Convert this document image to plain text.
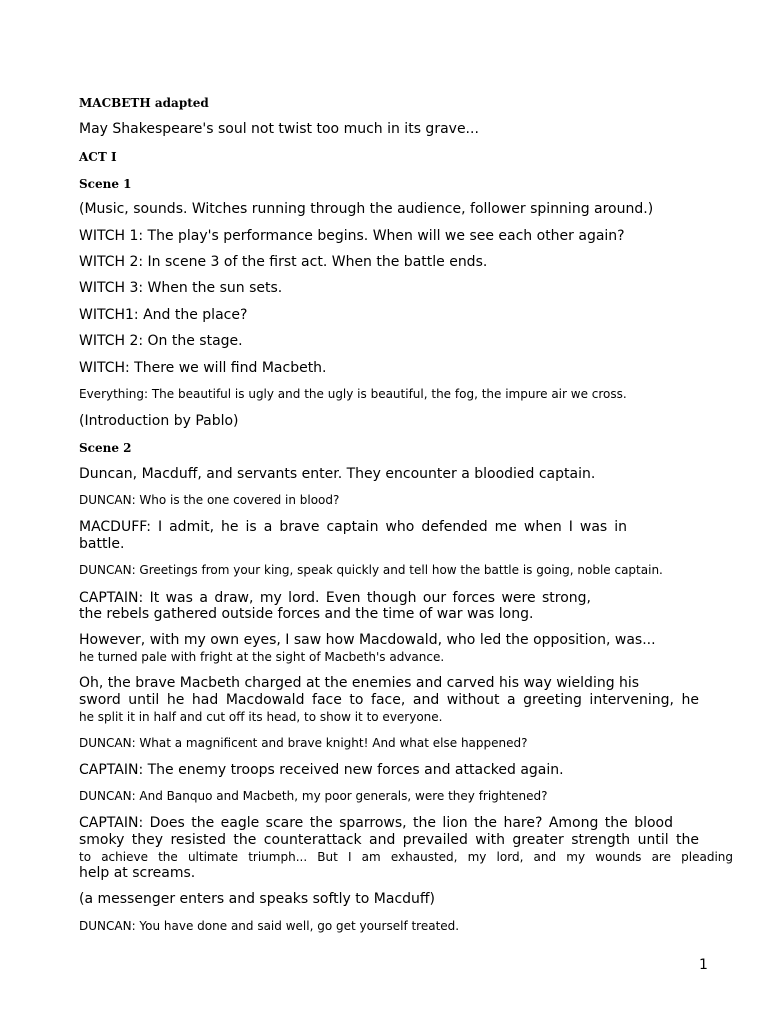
MACBETH adapted

May Shakespeare's soul not twist too much in its grave...

ACT I

Scene 1

(Music, sounds. Witches running through the audience, follower spinning around.)

WITCH 1: The play's performance begins. When will we see each other again?

WITCH 2: In scene 3 of the first act. When the battle ends.

WITCH 3: When the sun sets.

WITCH1: And the place?

WITCH 2: On the stage.

WITCH: There we will find Macbeth.

Everything: The beautiful is ugly and the ugly is beautiful, the fog, the impure air we cross.

(Introduction by Pablo)

Scene 2

Duncan, Macduff, and servants enter. They encounter a bloodied captain.

DUNCAN: Who is the one covered in blood?

MACDUFF: I admit, he is a brave captain who defended me when I was in

battle.

DUNCAN: Greetings from your king, speak quickly and tell how the battle is going, noble captain.

CAPTAIN: It was a draw, my lord. Even though our forces were strong,

the rebels gathered outside forces and the time of war was long.

However, with my own eyes, I saw how Macdowald, who led the opposition, was...

he turned pale with fright at the sight of Macbeth's advance.

Oh, the brave Macbeth charged at the enemies and carved his way wielding his

sword until he had Macdowald face to face, and without a greeting intervening, he

he split it in half and cut off its head, to show it to everyone.

DUNCAN: What a magnificent and brave knight! And what else happened?

CAPTAIN: The enemy troops received new forces and attacked again.

DUNCAN: And Banquo and Macbeth, my poor generals, were they frightened?

CAPTAIN: Does the eagle scare the sparrows, the lion the hare? Among the blood

smoky they resisted the counterattack and prevailed with greater strength until the

to achieve the ultimate triumph... But I am exhausted, my lord, and my wounds are pleading

help at screams.

(a messenger enters and speaks softly to Macduff)

DUNCAN: You have done and said well, go get yourself treated.

1
